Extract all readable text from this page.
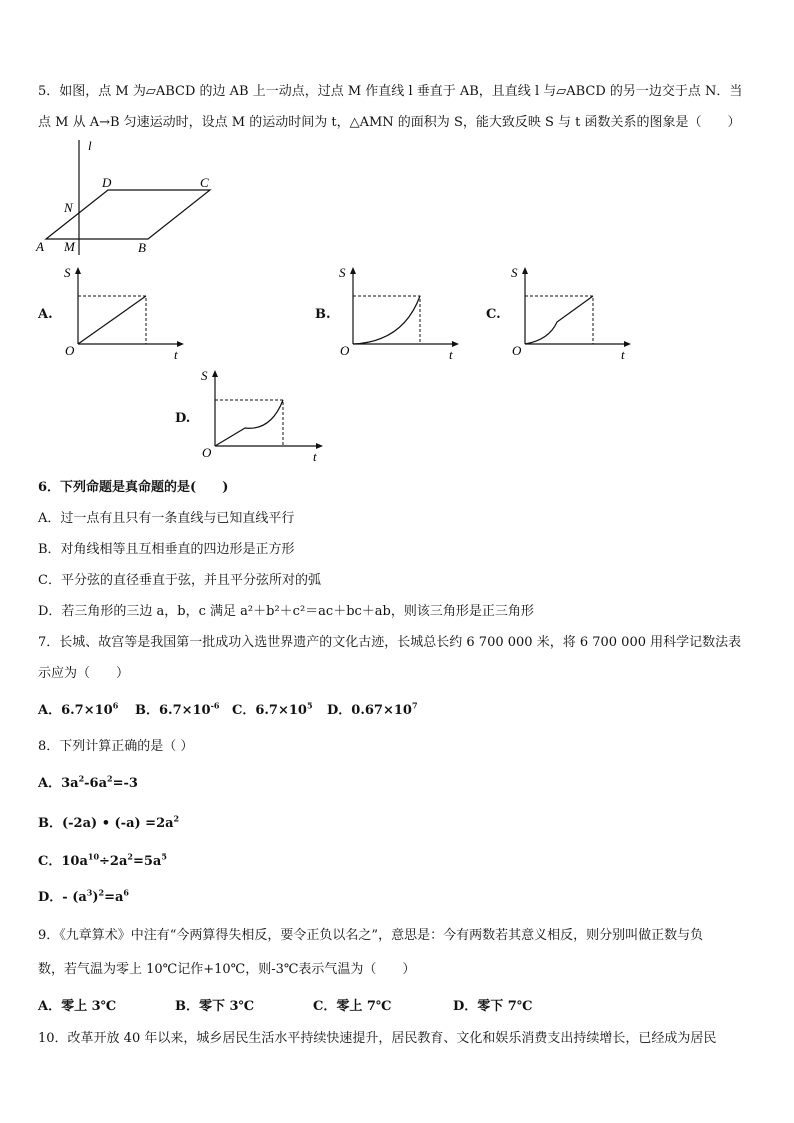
5．如图，点 M 为▱ABCD 的边 AB 上一动点，过点 M 作直线 l 垂直于 AB，且直线 l 与▱ABCD 的另一边交于点 N．当
点 M 从 A→B 匀速运动时，设点 M 的运动时间为 t，△AMN 的面积为 S，能大致反映 S 与 t 函数关系的图象是（　　）
l
D	C
N
A M	B
A.
S
t
O
B.
S
t
O
C.
S
t
O
D.
S
t
O
6．下列命题是真命题的是(　　)
A．过一点有且只有一条直线与已知直线平行
B．对角线相等且互相垂直的四边形是正方形
C．平分弦的直径垂直于弦，并且平分弦所对的弧
D．若三角形的三边 a，b，c 满足 a²＋b²＋c²＝ac＋bc＋ab，则该三角形是正三角形
7．长城、故宫等是我国第一批成功入选世界遗产的文化古迹，长城总长约 6 700 000 米，将 6 700 000 用科学记数法表
示应为（　　）
A．$6.7\times 10^6$ B．$6.7\times 10^{-6}$ C．$6.7\times 10^5$ D．$0.67\times 10^7$
8．下列计算正确的是（ ）
A．$3a^2-6a^2=-3$
B．(-2a) • $(-a) =2a^2$
C．$10a^{10}\div 2a^2=5a^5$
D．- $(a^3)^2=a^6$
9．《九章算术》中注有“今两算得失相反，要令正负以名之”，意思是：今有两数若其意义相反，则分别叫做正数与负
数，若气温为零上 10℃记作+10℃，则-3℃表示气温为（　　）
A．零上 3℃	B．零下 3℃	C．零上 7℃	D．零下 7℃
10．改革开放 40 年以来，城乡居民生活水平持续快速提升，居民教育、文化和娱乐消费支出持续增长，已经成为居民
